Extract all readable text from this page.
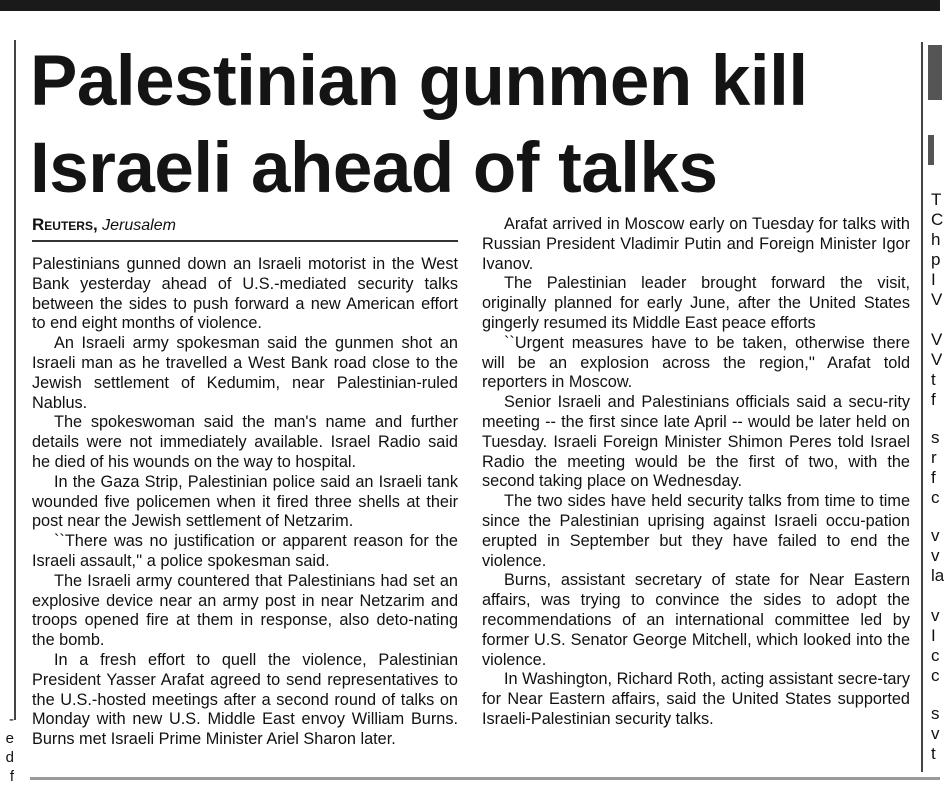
-
e
d
f
T
C
h
p
I
V
V
V
t
f
s
r
f
c
v
v
la
v
I
c
c
s
v
t
Palestinian gunmen kill Israeli ahead of talks
Reuters, Jerusalem

Palestinians gunned down an Israeli motorist in the West Bank yesterday ahead of U.S.-mediated security talks between the sides to push forward a new American effort to end eight months of violence.

An Israeli army spokesman said the gunmen shot an Israeli man as he travelled a West Bank road close to the Jewish settlement of Kedumim, near Palestinian-ruled Nablus.

The spokeswoman said the man's name and further details were not immediately available. Israel Radio said he died of his wounds on the way to hospital.

In the Gaza Strip, Palestinian police said an Israeli tank wounded five policemen when it fired three shells at their post near the Jewish settlement of Netzarim.

``There was no justification or apparent reason for the Israeli assault,'' a police spokesman said.

The Israeli army countered that Palestinians had set an explosive device near an army post in near Netzarim and troops opened fire at them in response, also deto-nating the bomb.

In a fresh effort to quell the violence, Palestinian President Yasser Arafat agreed to send representatives to the U.S.-hosted meetings after a second round of talks on Monday with new U.S. Middle East envoy William Burns. Burns met Israeli Prime Minister Ariel Sharon later.

Arafat arrived in Moscow early on Tuesday for talks with Russian President Vladimir Putin and Foreign Minister Igor Ivanov.

The Palestinian leader brought forward the visit, originally planned for early June, after the United States gingerly resumed its Middle East peace efforts

``Urgent measures have to be taken, otherwise there will be an explosion across the region,'' Arafat told reporters in Moscow.

Senior Israeli and Palestinians officials said a secu-rity meeting -- the first since late April -- would be later held on Tuesday. Israeli Foreign Minister Shimon Peres told Israel Radio the meeting would be the first of two, with the second taking place on Wednesday.

The two sides have held security talks from time to time since the Palestinian uprising against Israeli occu-pation erupted in September but they have failed to end the violence.

Burns, assistant secretary of state for Near Eastern affairs, was trying to convince the sides to adopt the recommendations of an international committee led by former U.S. Senator George Mitchell, which looked into the violence.

In Washington, Richard Roth, acting assistant secre-tary for Near Eastern affairs, said the United States supported Israeli-Palestinian security talks.
